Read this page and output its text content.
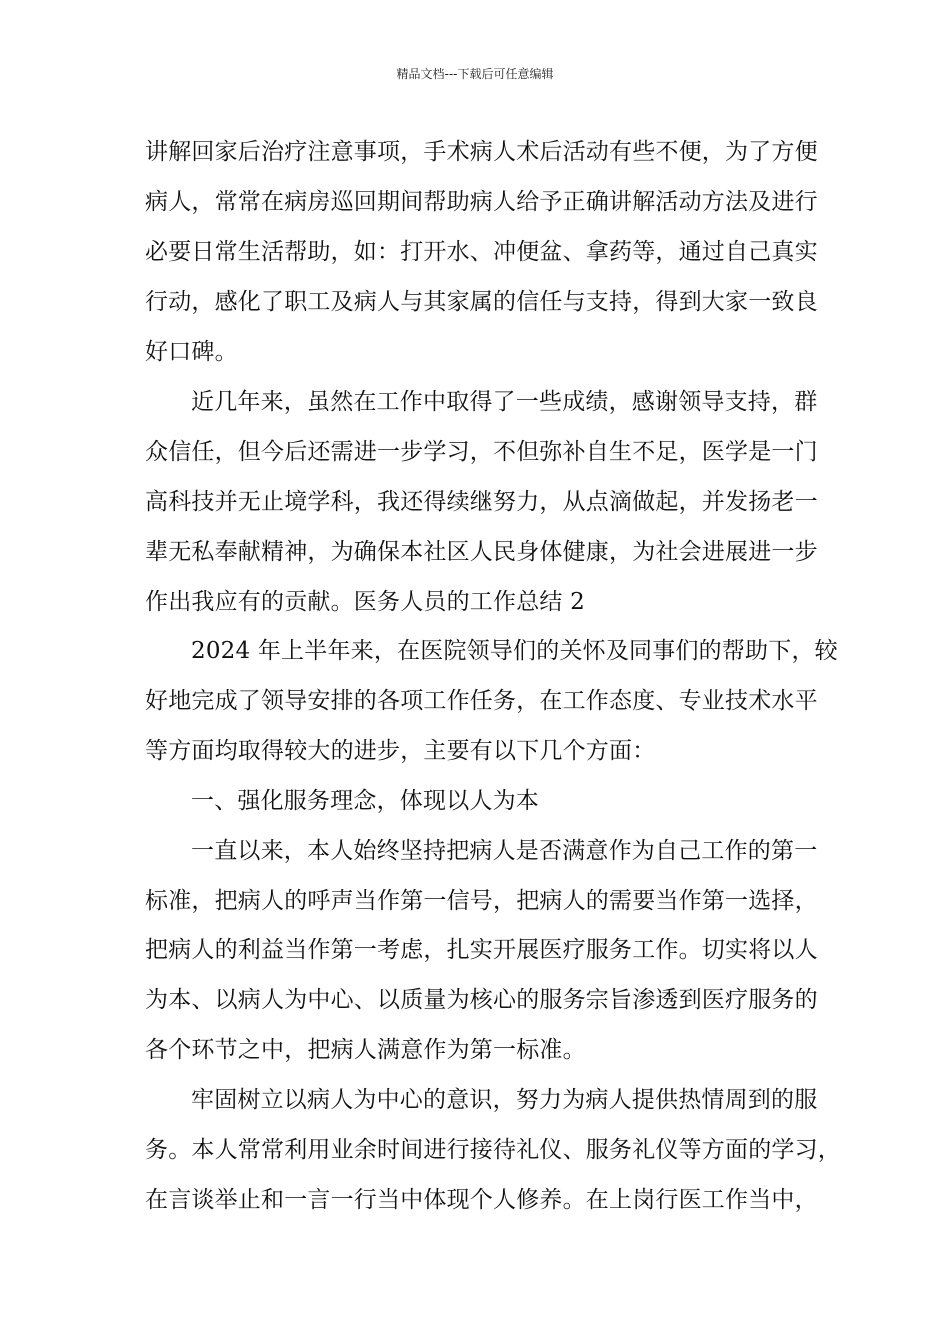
精品文档---下载后可任意编辑
讲解回家后治疗注意事项，手术病人术后活动有些不便，为了方便
病人，常常在病房巡回期间帮助病人给予正确讲解活动方法及进行
必要日常生活帮助，如：打开水、冲便盆、拿药等，通过自己真实
行动，感化了职工及病人与其家属的信任与支持，得到大家一致良
好口碑。
近几年来，虽然在工作中取得了一些成绩，感谢领导支持，群
众信任，但今后还需进一步学习，不但弥补自生不足，医学是一门
高科技并无止境学科，我还得续继努力，从点滴做起，并发扬老一
辈无私奉献精神，为确保本社区人民身体健康，为社会进展进一步
作出我应有的贡献。医务人员的工作总结 2
2024 年上半年来，在医院领导们的关怀及同事们的帮助下，较
好地完成了领导安排的各项工作任务，在工作态度、专业技术水平
等方面均取得较大的进步，主要有以下几个方面：
一、强化服务理念，体现以人为本
一直以来，本人始终坚持把病人是否满意作为自己工作的第一
标准，把病人的呼声当作第一信号，把病人的需要当作第一选择，
把病人的利益当作第一考虑，扎实开展医疗服务工作。切实将以人
为本、以病人为中心、以质量为核心的服务宗旨渗透到医疗服务的
各个环节之中，把病人满意作为第一标准。
牢固树立以病人为中心的意识，努力为病人提供热情周到的服
务。本人常常利用业余时间进行接待礼仪、服务礼仪等方面的学习，
在言谈举止和一言一行当中体现个人修养。在上岗行医工作当中，
